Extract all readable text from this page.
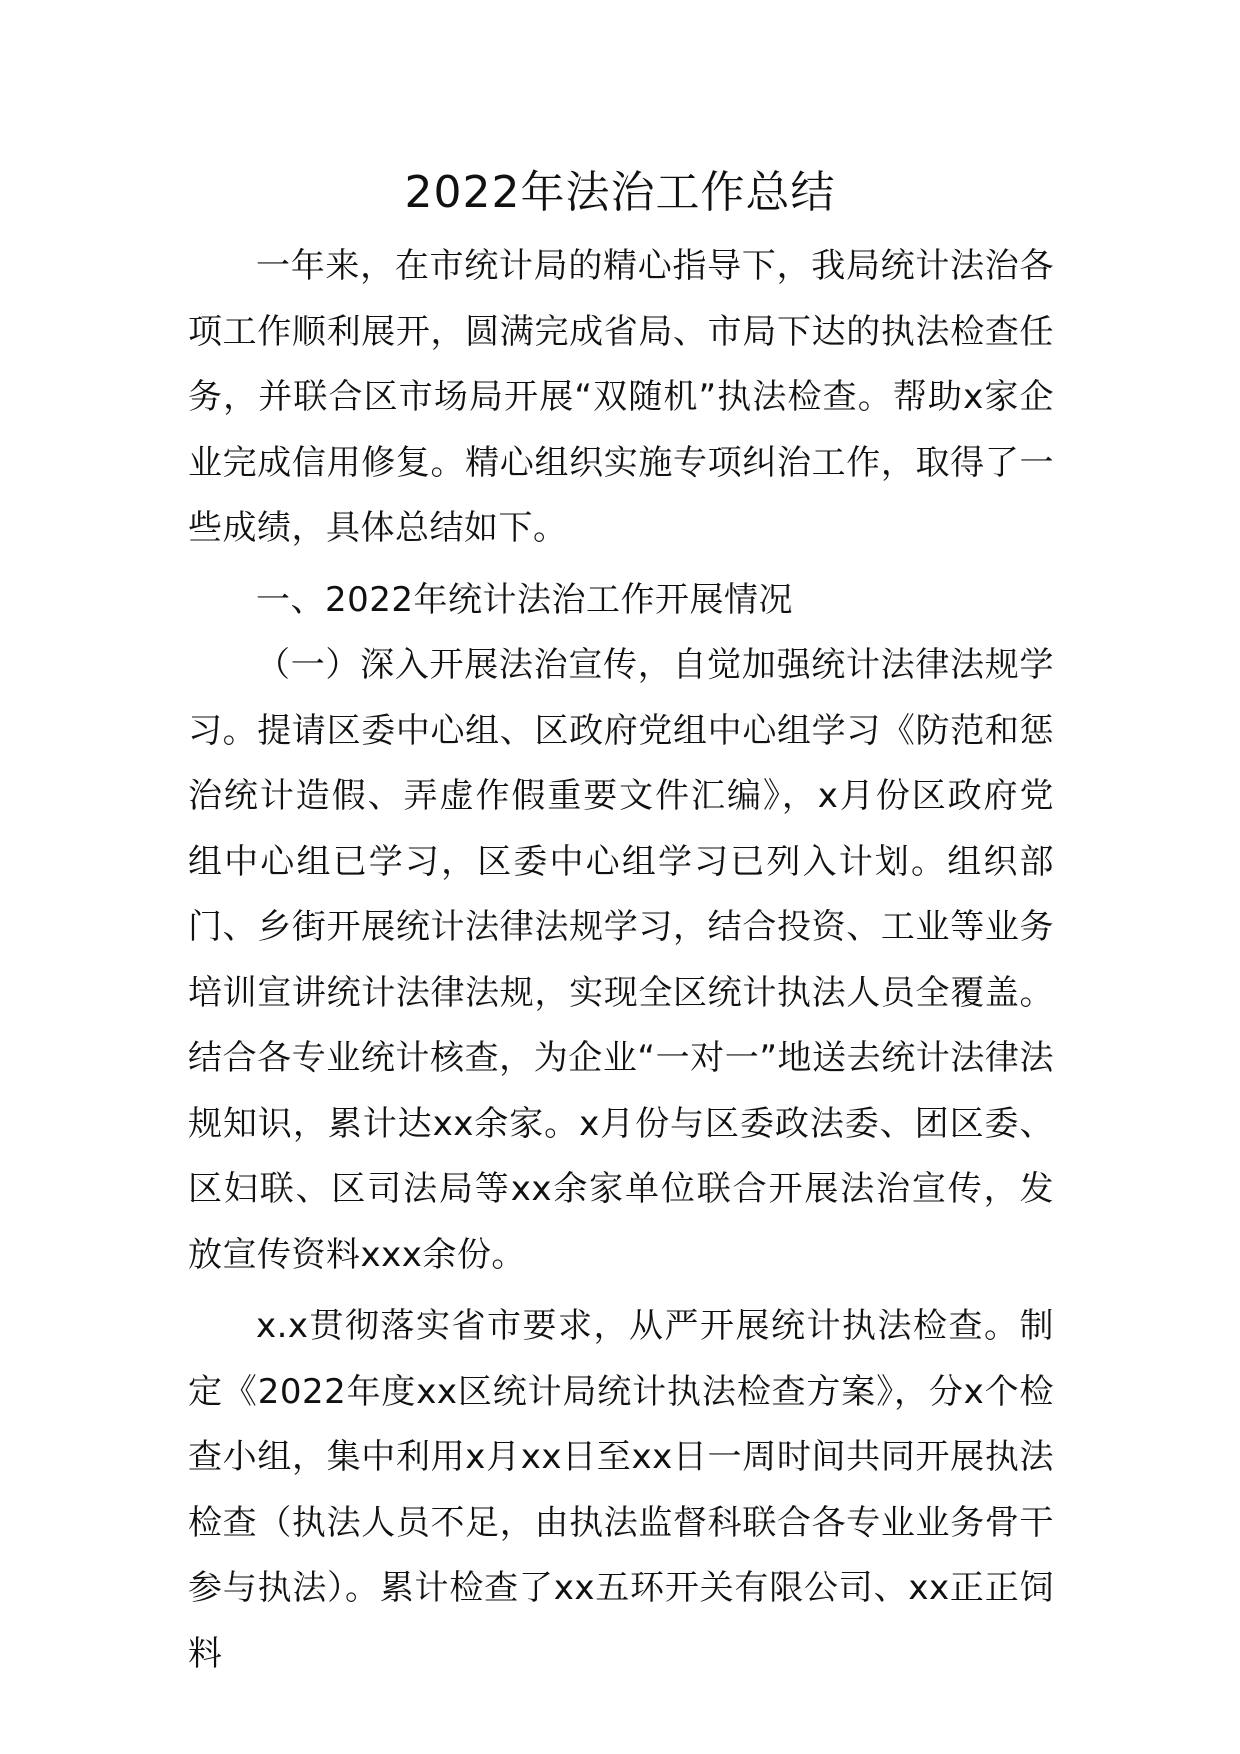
2022年法治工作总结

一年来，在市统计局的精心指导下，我局统计法治各项工作顺利展开，圆满完成省局、市局下达的执法检查任务，并联合区市场局开展“双随机”执法检查。帮助x家企业完成信用修复。精心组织实施专项纠治工作，取得了一些成绩，具体总结如下。

一、2022年统计法治工作开展情况

（一）深入开展法治宣传，自觉加强统计法律法规学习。提请区委中心组、区政府党组中心组学习《防范和惩治统计造假、弄虚作假重要文件汇编》，x月份区政府党组中心组已学习，区委中心组学习已列入计划。组织部门、乡街开展统计法律法规学习，结合投资、工业等业务培训宣讲统计法律法规，实现全区统计执法人员全覆盖。结合各专业统计核查，为企业“一对一”地送去统计法律法规知识，累计达xx余家。x月份与区委政法委、团区委、区妇联、区司法局等xx余家单位联合开展法治宣传，发放宣传资料xxx余份。

x.x贯彻落实省市要求，从严开展统计执法检查。制定《2022年度xx区统计局统计执法检查方案》，分x个检查小组，集中利用x月xx日至xx日一周时间共同开展执法检查（执法人员不足，由执法监督科联合各专业业务骨干参与执法）。累计检查了xx五环开关有限公司、xx正正饲料
